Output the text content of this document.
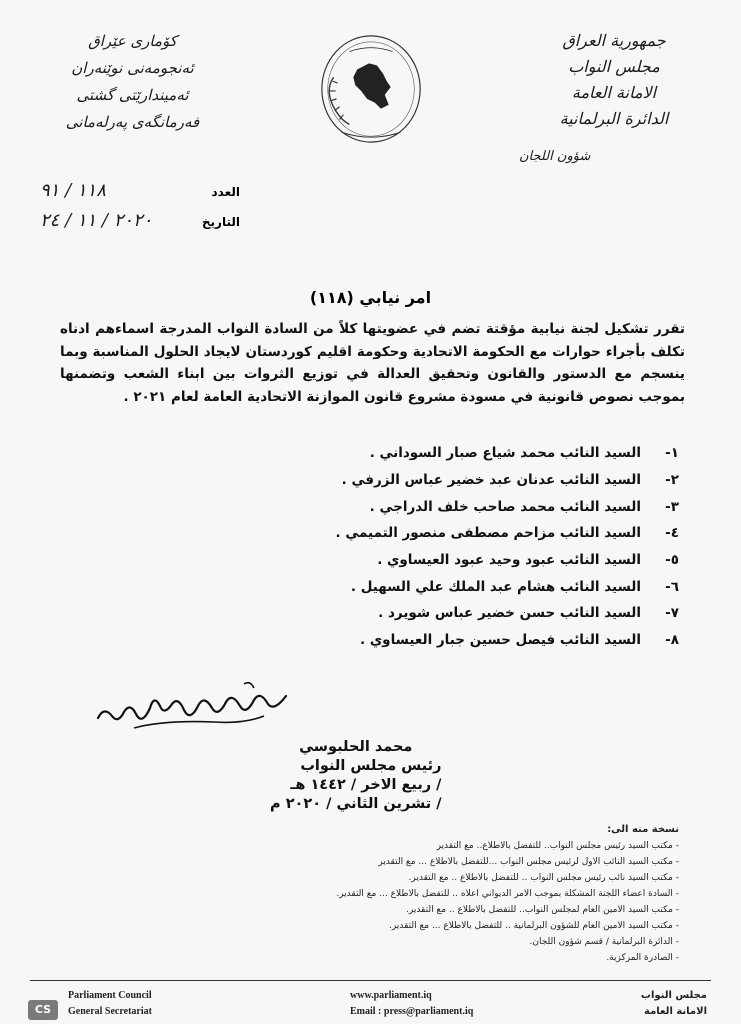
جمهورية العراق
مجلس النواب
الامانة العامة
الدائرة البرلمانية
شؤون اللجان
كۆماری عێراق
ئەنجومەنی نوێنەران
ئەمیندارێتی گشتی
فەرمانگەی پەرلەمانی
العدد
١١٨ / ٩١
التاريخ
٢٠٢٠ / ١١ / ٢٤
امر نيابي (١١٨)
تقرر تشكيل لجنة نيابية مؤقتة تضم في عضويتها كلاً من السادة النواب المدرجة اسماءهم ادناه تكلف بأجراء حوارات مع الحكومة الاتحادية وحكومة اقليم كوردستان لايجاد الحلول المناسبة وبما ينسجم مع الدستور والقانون وتحقيق العدالة في توزيع الثروات بين ابناء الشعب وتضمنها بموجب نصوص قانونية في مسودة مشروع قانون الموازنة الاتحادية العامة لعام ٢٠٢١ .
١-
السيد النائب محمد شياع صبار السوداني .
٢-
السيد النائب عدنان عبد خضير عباس الزرفي .
٣-
السيد النائب محمد صاحب خلف الدراجي .
٤-
السيد النائب مزاحم مصطفى منصور التميمي .
٥-
السيد النائب عبود وحيد عبود العيساوي .
٦-
السيد النائب هشام عبد الملك علي السهيل .
٧-
السيد النائب حسن خضير عباس شويرد .
٨-
السيد النائب فيصل حسين جبار العيساوي .
محمد الحلبوسي
رئيس مجلس النواب
/ ربيع الاخر / ١٤٤٢ هـ
/ تشرين الثاني / ٢٠٢٠ م
نسخة منه الى:
- مكتب السيد رئيس مجلس النواب.. للتفضل بالاطلاع.. مع التقدير
- مكتب السيد النائب الاول لرئيس مجلس النواب ...للتفضل بالاطلاع ... مع التقدير
- مكتب السيد نائب رئيس مجلس النواب .. للتفضل بالاطلاع .. مع التقدير.
- السادة اعضاء اللجنة المشكلة بموجب الامر الديواني اعلاه .. للتفضل بالاطلاع ... مع التقدير.
- مكتب السيد الامين العام لمجلس النواب.. للتفضل بالاطلاع .. مع التقدير.
- مكتب السيد الامين العام للشؤون البرلمانية .. للتفضل بالاطلاع ... مع التقدير.
- الدائرة البرلمانية / قسم شؤون اللجان.
- الصادرة المركزية.
Parliament Council
General Secretariat
www.parliament.iq
Email : press@parliament.iq
مجلس النواب
الامانة العامة
CS
